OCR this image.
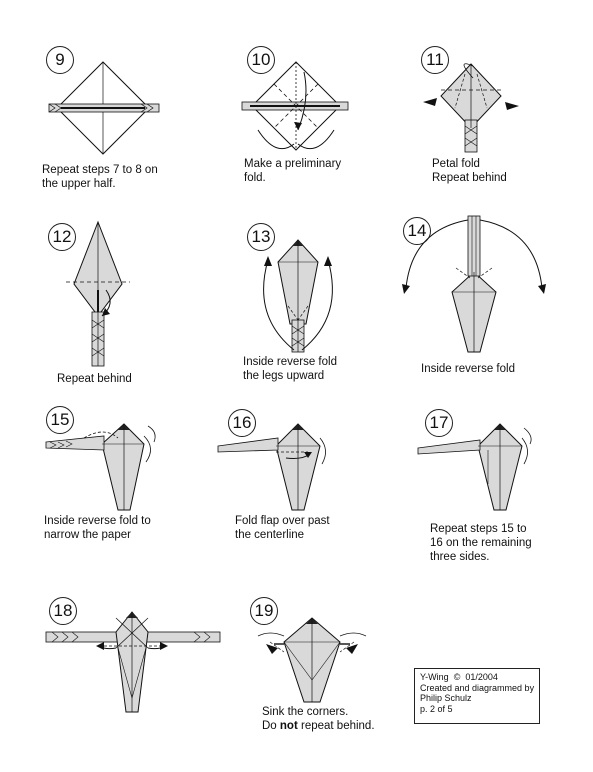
9
Repeat steps 7 to 8 on
the upper half.
10
Make a preliminary
fold.
11
Petal fold
Repeat behind
12
Repeat behind
13
Inside reverse fold
the legs upward
14
Inside reverse fold
15
Inside reverse fold to
narrow the paper
16
Fold flap over past
the centerline
17
Repeat steps 15 to
16 on the remaining
three sides.
18	19
Sink the corners.
Do not repeat behind.
Y-Wing © 01/2004
Created and diagrammed by
Philip Schulz
p. 2 of 5
